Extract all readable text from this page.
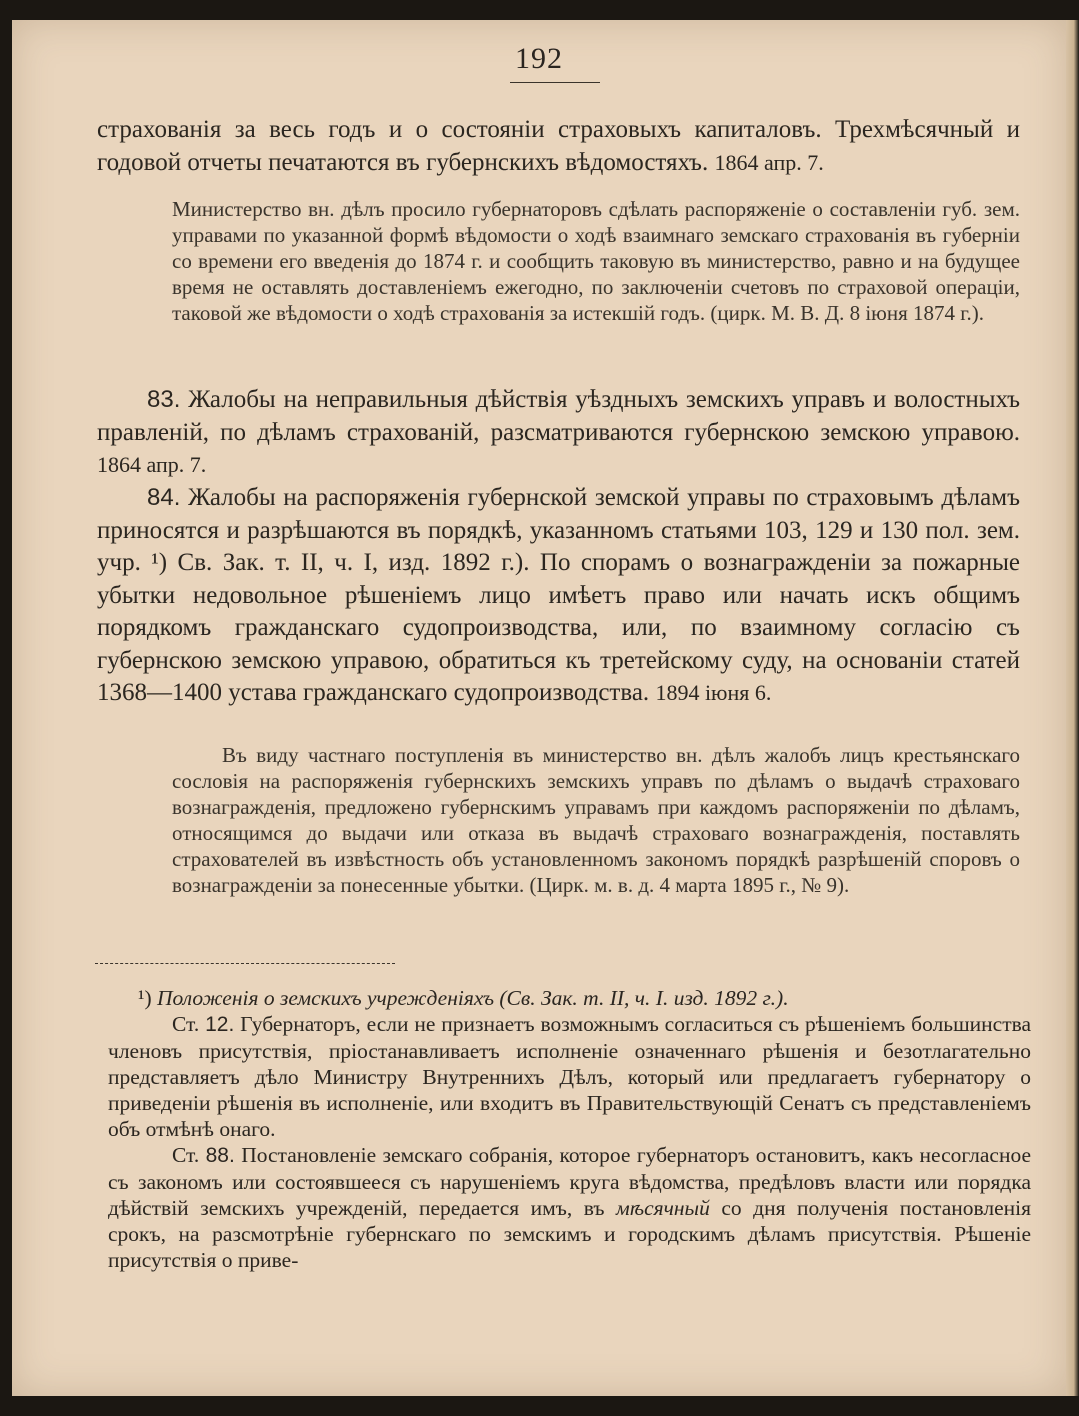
192
страхованія за весь годъ и о состояніи страховыхъ капиталовъ. Трехмѣсячный и годовой отчеты печатаются въ губернскихъ вѣдомостяхъ. 1864 апр. 7.
Министерство вн. дѣлъ просило губернаторовъ сдѣлать распоряженіе о составленіи губ. зем. управами по указанной формѣ вѣдомости о ходѣ взаимнаго земскаго страхованія въ губерніи со времени его введенія до 1874 г. и сообщить таковую въ министерство, равно и на будущее время не оставлять доставленіемъ ежегодно, по заключеніи счетовъ по страховой операціи, таковой же вѣдомости о ходѣ страхованія за истекшій годъ. (цирк. М. В. Д. 8 іюня 1874 г.).
83. Жалобы на неправильныя дѣйствія уѣздныхъ земскихъ управъ и волостныхъ правленій, по дѣламъ страхованій, разсматриваются губернскою земскою управою. 1864 апр. 7.
84. Жалобы на распоряженія губернской земской управы по страховымъ дѣламъ приносятся и разрѣшаются въ порядкѣ, указанномъ статьями 103, 129 и 130 пол. зем. учр. ¹) Св. Зак. т. II, ч. I, изд. 1892 г.). По спорамъ о вознагражденіи за пожарные убытки недовольное рѣшеніемъ лицо имѣетъ право или начать искъ общимъ порядкомъ гражданскаго судопроизводства, или, по взаимному согласію съ губернскою земскою управою, обратиться къ третейскому суду, на основаніи статей 1368—1400 устава гражданскаго судопроизводства. 1894 іюня 6.
Въ виду частнаго поступленія въ министерство вн. дѣлъ жалобъ лицъ крестьянскаго сословія на распоряженія губернскихъ земскихъ управъ по дѣламъ о выдачѣ страховаго вознагражденія, предложено губернскимъ управамъ при каждомъ распоряженіи по дѣламъ, относящимся до выдачи или отказа въ выдачѣ страховаго вознагражденія, поставлять страхователей въ извѣстность объ установленномъ закономъ порядкѣ разрѣшеній споровъ о вознагражденіи за понесенные убытки. (Цирк. м. в. д. 4 марта 1895 г., № 9).
¹) Положенія о земскихъ учрежденіяхъ (Св. Зак. т. II, ч. I. изд. 1892 г.).
Ст. 12. Губернаторъ, если не признаетъ возможнымъ согласиться съ рѣшеніемъ большинства членовъ присутствія, пріостанавливаетъ исполненіе означеннаго рѣшенія и безотлагательно представляетъ дѣло Министру Внутреннихъ Дѣлъ, который или предлагаетъ губернатору о приведеніи рѣшенія въ исполненіе, или входитъ въ Правительствующій Сенатъ съ представленіемъ объ отмѣнѣ онаго.
Ст. 88. Постановленіе земскаго собранія, которое губернаторъ остановитъ, какъ несогласное съ закономъ или состоявшееся съ нарушеніемъ круга вѣдомства, предѣловъ власти или порядка дѣйствій земскихъ учрежденій, передается имъ, въ мѣсячный со дня полученія постановленія срокъ, на разсмотрѣніе губернскаго по земскимъ и городскимъ дѣламъ присутствія. Рѣшеніе присутствія о приве-
